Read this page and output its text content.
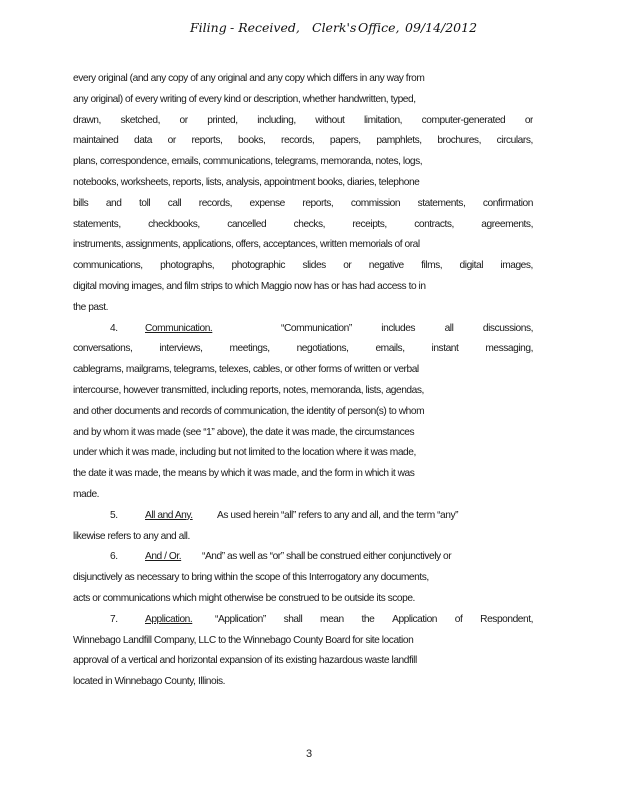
Filing - Received, Clerk's Office, 09/14/2012
every original (and any copy of any original and any copy which differs in any way from
any original) of every writing of every kind or description, whether handwritten, typed,
drawn, sketched, or printed, including, without limitation, computer-generated or
maintained data or reports, books, records, papers, pamphlets, brochures, circulars,
plans, correspondence, emails, communications, telegrams, memoranda, notes, logs,
notebooks, worksheets, reports, lists, analysis, appointment books, diaries, telephone
bills and toll call records, expense reports, commission statements, confirmation
statements,	checkbooks,	cancelled	checks,	receipts,	contracts,	agreements,
instruments, assignments, applications, offers, acceptances, written memorials of oral
communications, photographs, photographic slides or negative films, digital images,
digital moving images, and film strips to which Maggio now has or has had access to in
the past.
4.	Communication.	“Communication”	includes	all	discussions,
conversations,	interviews,	meetings,	negotiations,	emails,	instant	messaging,
cablegrams, mailgrams, telegrams, telexes, cables, or other forms of written or verbal
intercourse, however transmitted, including reports, notes, memoranda, lists, agendas,
and other documents and records of communication, the identity of person(s) to whom
and by whom it was made (see “1” above), the date it was made, the circumstances
under which it was made, including but not limited to the location where it was made,
the date it was made, the means by which it was made, and the form in which it was
made.
5.	All and Any. As used herein “all” refers to any and all, and the term “any”
likewise refers to any and all.
6.	And / Or. “And” as well as “or” shall be construed either conjunctively or
disjunctively as necessary to bring within the scope of this Interrogatory any documents,
acts or communications which might otherwise be construed to be outside its scope.
7.	Application.	“Application” shall mean the Application of Respondent,
Winnebago Landfill Company, LLC to the Winnebago County Board for site location
approval of a vertical and horizontal expansion of its existing hazardous waste landfill
located in Winnebago County, Illinois.
3
